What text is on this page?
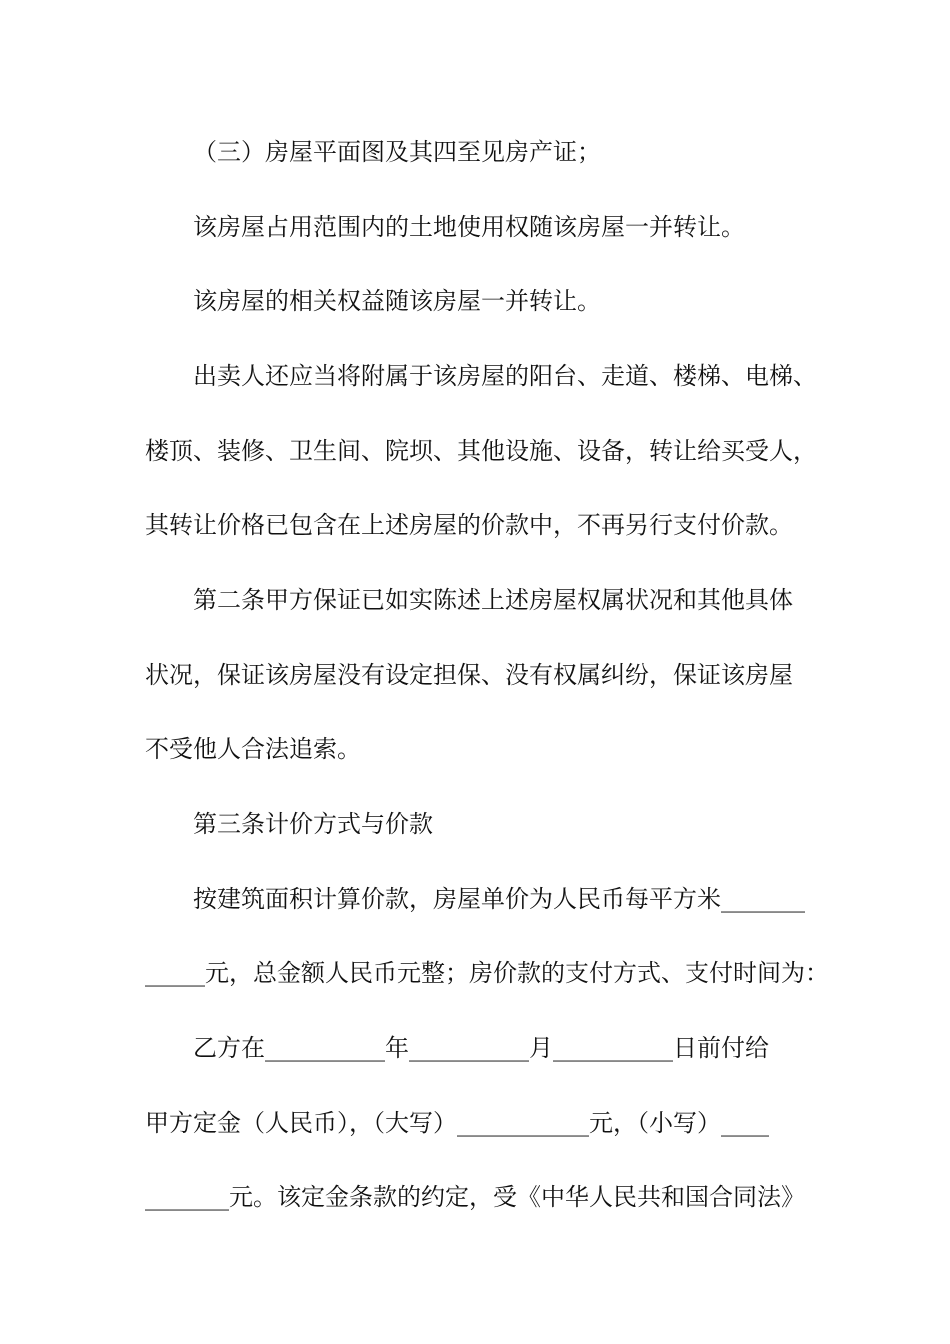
（三）房屋平面图及其四至见房产证；
该房屋占用范围内的土地使用权随该房屋一并转让。
该房屋的相关权益随该房屋一并转让。
出卖人还应当将附属于该房屋的阳台、走道、楼梯、电梯、
楼顶、装修、卫生间、院坝、其他设施、设备，转让给买受人，
其转让价格已包含在上述房屋的价款中，不再另行支付价款。
第二条甲方保证已如实陈述上述房屋权属状况和其他具体
状况，保证该房屋没有设定担保、没有权属纠纷，保证该房屋
不受他人合法追索。
第三条计价方式与价款
按建筑面积计算价款，房屋单价为人民币每平方米_______
_____元，总金额人民币元整；房价款的支付方式、支付时间为：
乙方在__________年__________月__________日前付给
甲方定金（人民币），（大写）___________元，（小写）____
_______元。该定金条款的约定，受《中华人民共和国合同法》
